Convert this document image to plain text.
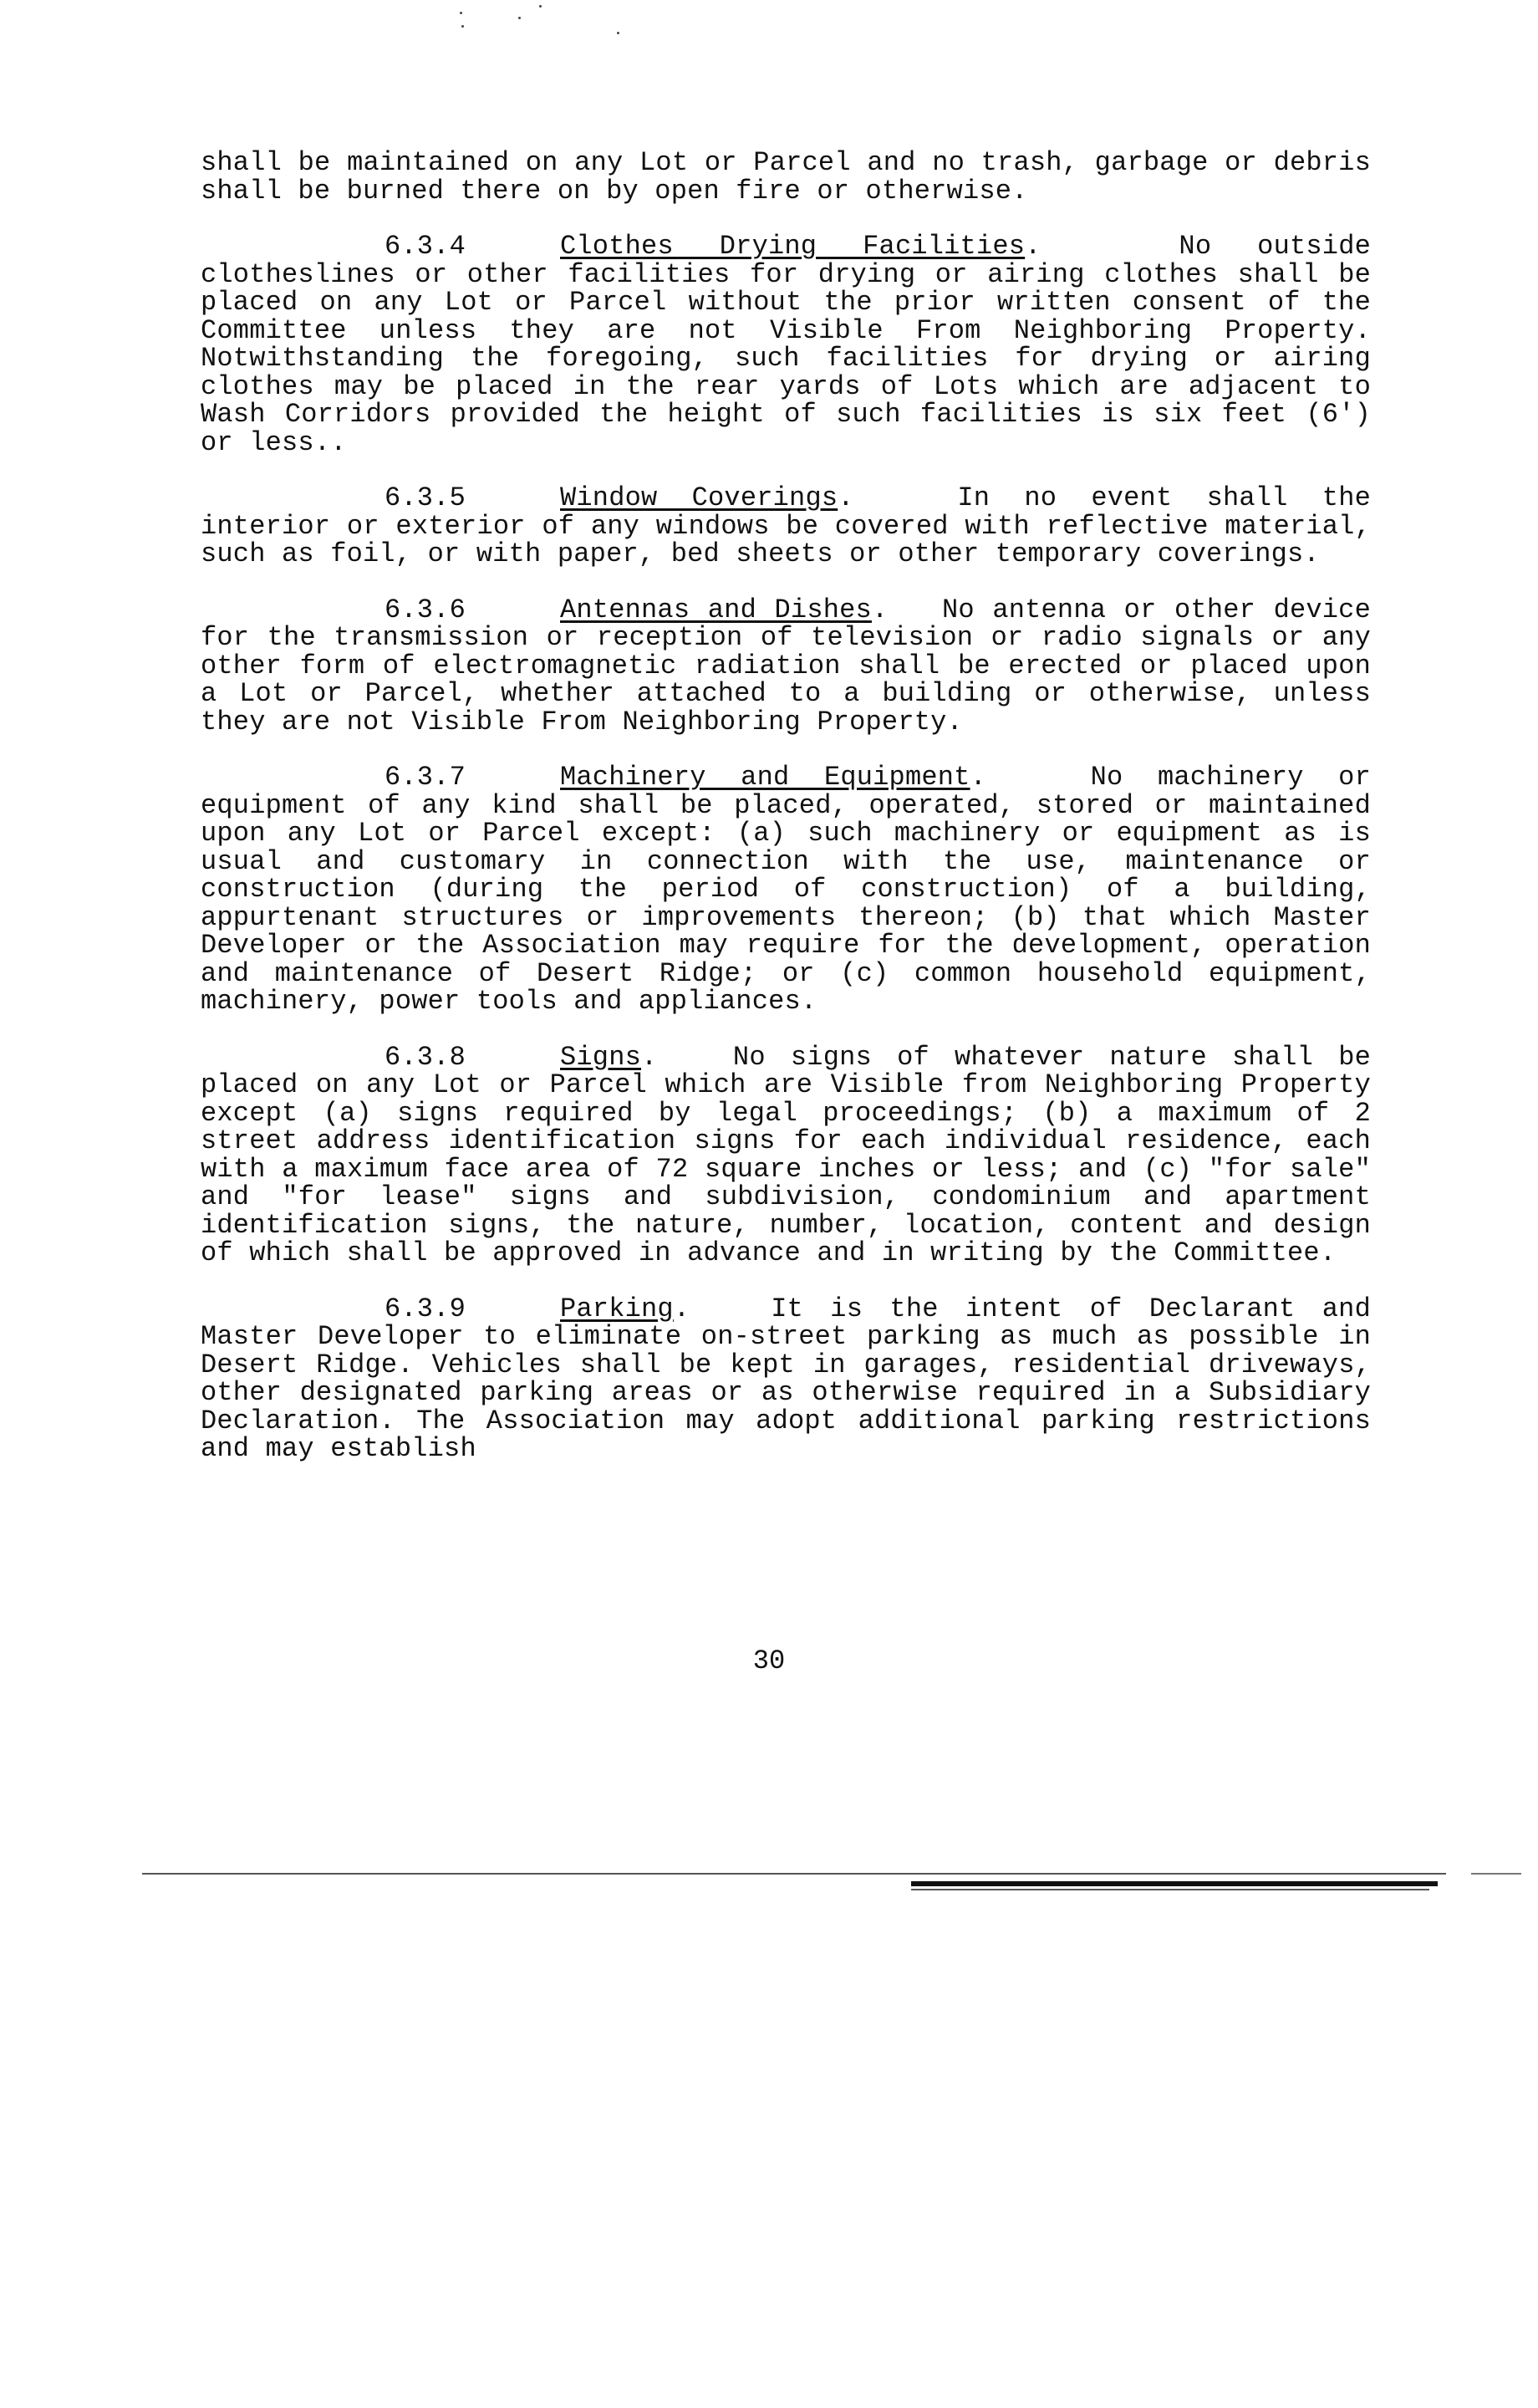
shall be maintained on any Lot or Parcel and no trash, garbage or debris shall be burned there on by open fire or otherwise.

6.3.4	Clothes Drying Facilities.   No outside clotheslines or other facilities for drying or airing clothes shall be placed on any Lot or Parcel without the prior written consent of the Committee unless they are not Visible From Neighboring Property. Notwithstanding the foregoing, such facilities for drying or airing clothes may be placed in the rear yards of Lots which are adjacent to Wash Corridors provided the height of such facilities is six feet (6') or less..

6.3.5	Window Coverings.   In no event shall the interior or exterior of any windows be covered with reflective material, such as foil, or with paper, bed sheets or other temporary coverings.

6.3.6	Antennas and Dishes.   No antenna or other device for the transmission or reception of television or radio signals or any other form of electromagnetic radiation shall be erected or placed upon a Lot or Parcel, whether attached to a building or otherwise, unless they are not Visible From Neighboring Property.

6.3.7	Machinery and Equipment.   No machinery or equipment of any kind shall be placed, operated, stored or maintained upon any Lot or Parcel except: (a) such machinery or equipment as is usual and customary in connection with the use, maintenance or construction (during the period of construction) of a building, appurtenant structures or improvements thereon; (b) that which Master Developer or the Association may require for the development, operation and maintenance of Desert Ridge; or (c) common household equipment, machinery, power tools and appliances.

6.3.8	Signs.   No signs of whatever nature shall be placed on any Lot or Parcel which are Visible from Neighboring Property except (a) signs required by legal proceedings; (b) a maximum of 2 street address identification signs for each individual residence, each with a maximum face area of 72 square inches or less; and (c) "for sale" and "for lease" signs and subdivision, condominium and apartment identification signs, the nature, number, location, content and design of which shall be approved in advance and in writing by the Committee.

6.3.9	Parking.   It is the intent of Declarant and Master Developer to eliminate on-street parking as much as possible in Desert Ridge. Vehicles shall be kept in garages, residential driveways, other designated parking areas or as otherwise required in a Subsidiary Declaration. The Association may adopt additional parking restrictions and may establish

30
